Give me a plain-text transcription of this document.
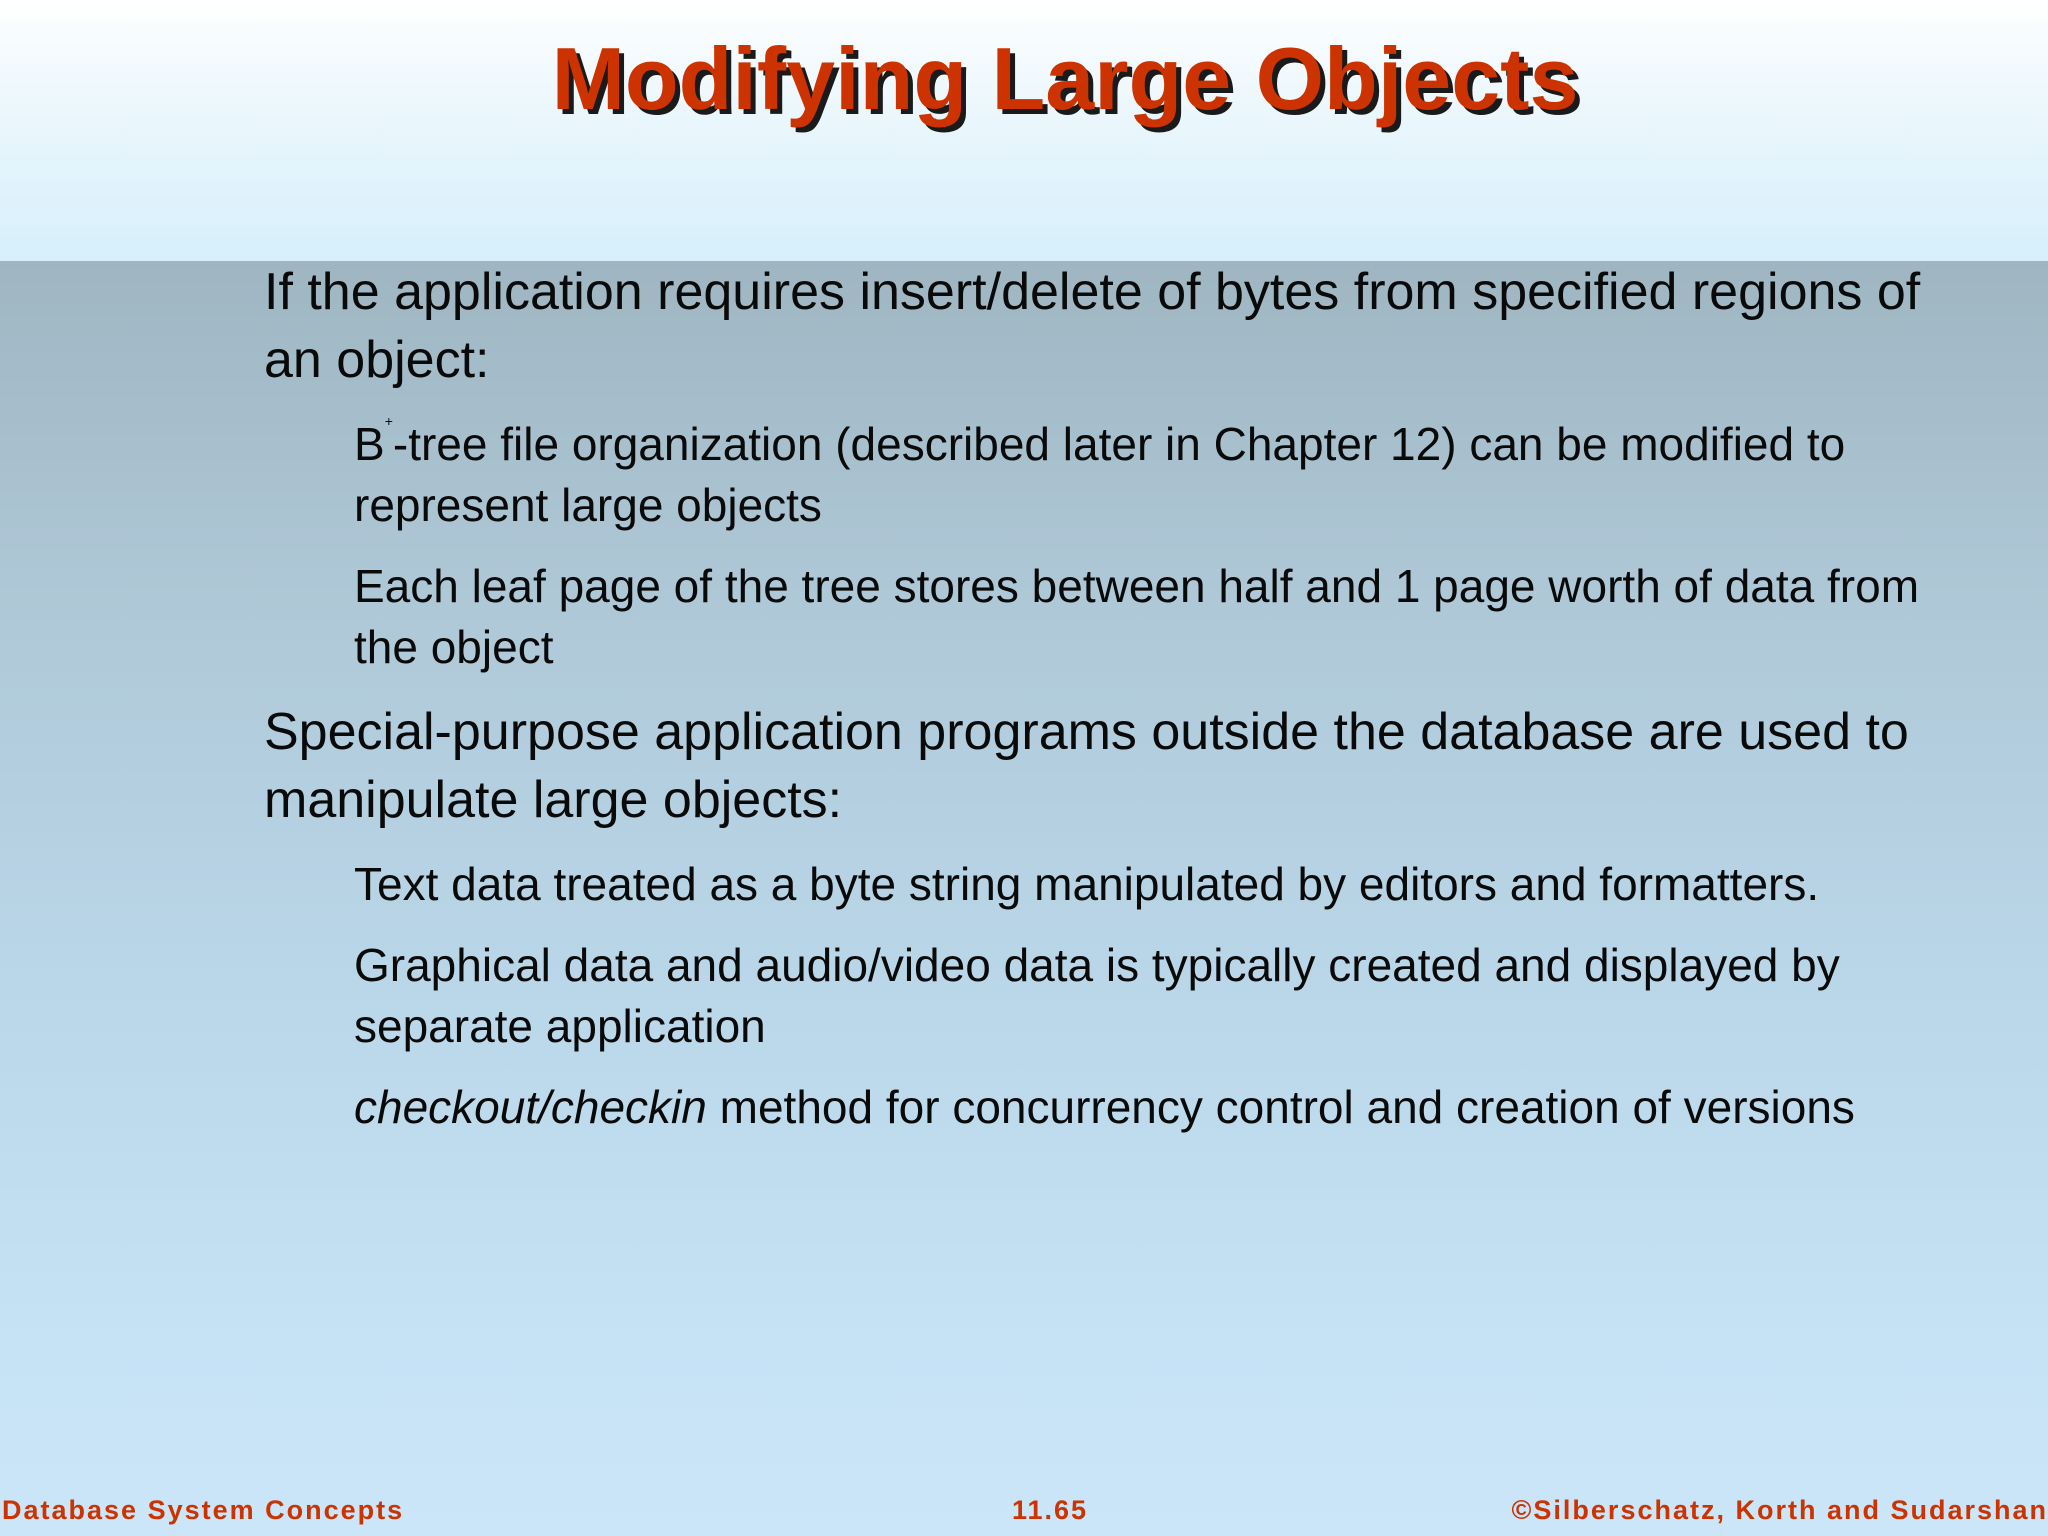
Modifying Large Objects

If the application requires insert/delete of bytes from specified regions of an object:

B+-tree file organization (described later in Chapter 12) can be modified to represent large objects

Each leaf page of the tree stores between half and 1 page worth of data from the object

Special-purpose application programs outside the database are used to manipulate large objects:

Text data treated as a byte string manipulated by editors and formatters.

Graphical data and audio/video data is typically created and displayed by separate application

checkout/checkin method for concurrency control and creation of versions

Database System Concepts	11.65	©Silberschatz, Korth and Sudarshan
